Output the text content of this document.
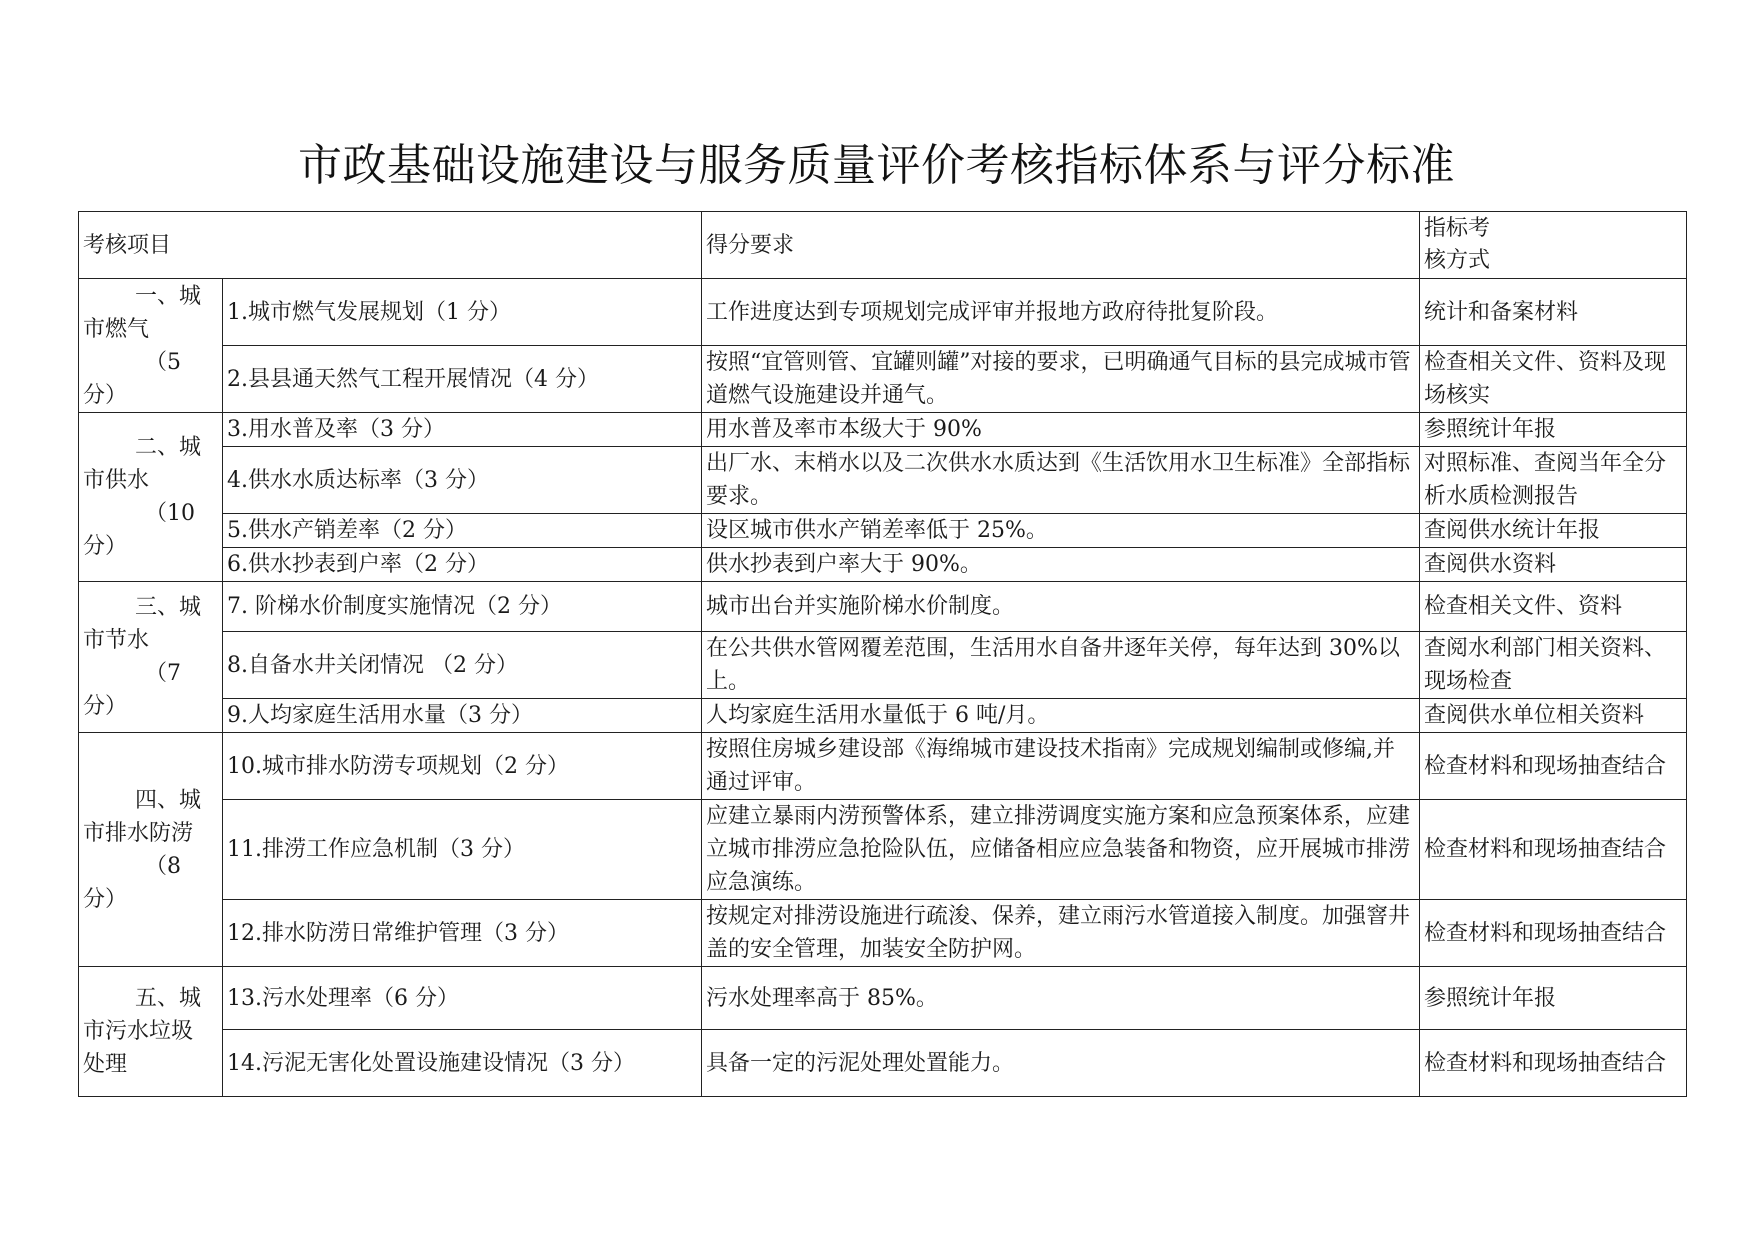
市政基础设施建设与服务质量评价考核指标体系与评分标准
考核项目		得分要求	指标考
核方式

一、城
市燃气
（5
分）	1.城市燃气发展规划（1 分）	工作进度达到专项规划完成评审并报地方政府待批复阶段。	统计和备案材料
	2.县县通天然气工程开展情况（4 分）	按照“宜管则管、宜罐则罐”对接的要求，已明确通气目标的县完成城市管道燃气设施建设并通气。	检查相关文件、资料及现场核实

二、城
市供水
（10
分）	3.用水普及率（3 分）	用水普及率市本级大于 90%	参照统计年报
	4.供水水质达标率（3 分）	出厂水、末梢水以及二次供水水质达到《生活饮用水卫生标准》全部指标要求。	对照标准、查阅当年全分析水质检测报告
	5.供水产销差率（2 分）	设区城市供水产销差率低于 25%。	查阅供水统计年报
	6.供水抄表到户率（2 分）	供水抄表到户率大于 90%。	查阅供水资料

三、城
市节水
（7
分）	7. 阶梯水价制度实施情况（2 分）	城市出台并实施阶梯水价制度。	检查相关文件、资料
	8.自备水井关闭情况 （2 分）	在公共供水管网覆差范围，生活用水自备井逐年关停，每年达到 30%以上。	查阅水利部门相关资料、现场检查
	9.人均家庭生活用水量（3 分）	人均家庭生活用水量低于 6 吨/月。	查阅供水单位相关资料

四、城
市排水防涝
（8
分）	10.城市排水防涝专项规划（2 分）	按照住房城乡建设部《海绵城市建设技术指南》完成规划编制或修编,并通过评审。	检查材料和现场抽查结合
	11.排涝工作应急机制（3 分）	应建立暴雨内涝预警体系，建立排涝调度实施方案和应急预案体系，应建立城市排涝应急抢险队伍，应储备相应应急装备和物资，应开展城市排涝应急演练。	检查材料和现场抽查结合
	12.排水防涝日常维护管理（3 分）	按规定对排涝设施进行疏浚、保养，建立雨污水管道接入制度。加强窨井盖的安全管理，加装安全防护网。	检查材料和现场抽查结合

五、城
市污水垃圾
处理	13.污水处理率（6 分）	污水处理率高于 85%。	参照统计年报
	14.污泥无害化处置设施建设情况（3 分）	具备一定的污泥处理处置能力。	检查材料和现场抽查结合
